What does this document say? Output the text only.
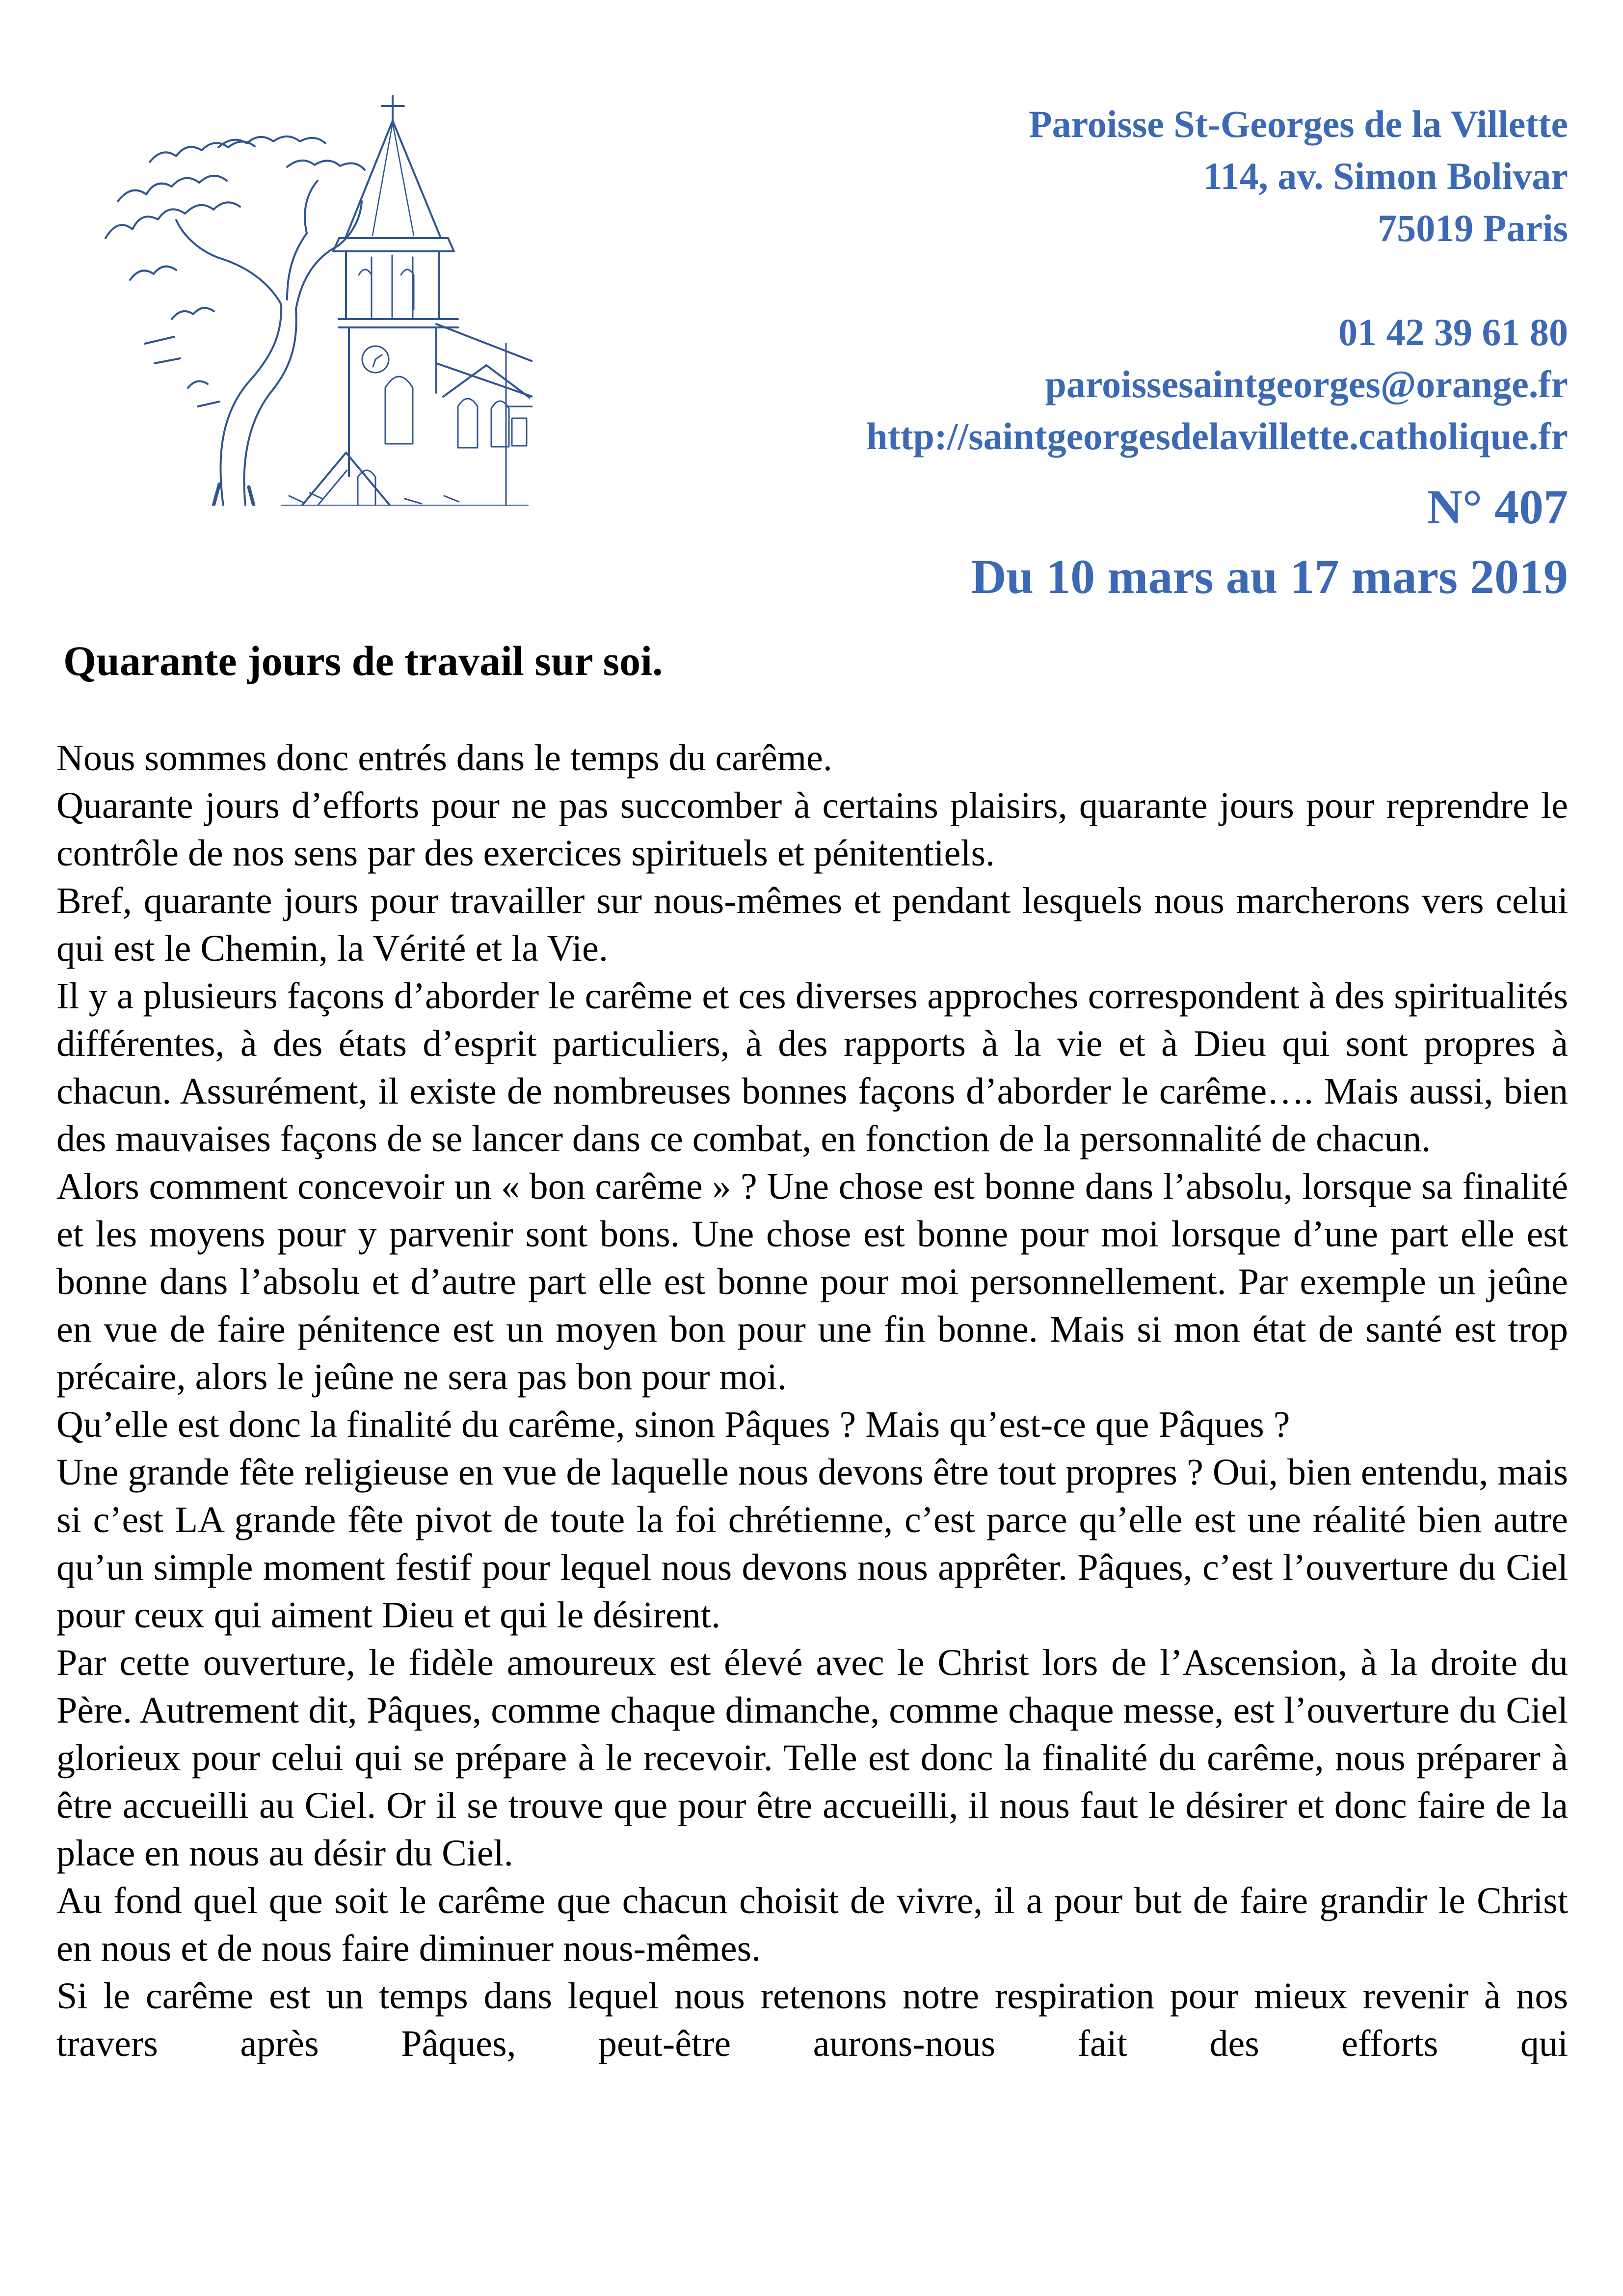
Paroisse St-Georges de la Villette
114, av. Simon Bolivar
75019 Paris
01 42 39 61 80
paroissesaintgeorges@orange.fr
http://saintgeorgesdelavillette.catholique.fr
N° 407
Du 10 mars au 17 mars 2019
Quarante jours de travail sur soi.

Nous sommes donc entrés dans le temps du carême.

Quarante jours d’efforts pour ne pas succomber à certains plaisirs, quarante jours pour reprendre le contrôle de nos sens par des exercices spirituels et pénitentiels.

Bref, quarante jours pour travailler sur nous-mêmes et pendant lesquels nous marcherons vers celui qui est le Chemin, la Vérité et la Vie.

Il y a plusieurs façons d’aborder le carême et ces diverses approches correspondent à des spiritualités différentes, à des états d’esprit particuliers, à des rapports à la vie et à Dieu qui sont propres à chacun. Assurément, il existe de nombreuses bonnes façons d’aborder le carême…. Mais aussi, bien des mauvaises façons de se lancer dans ce combat, en fonction de la personnalité de chacun.

Alors comment concevoir un « bon carême » ? Une chose est bonne dans l’absolu, lorsque sa finalité et les moyens pour y parvenir sont bons. Une chose est bonne pour moi lorsque d’une part elle est bonne dans l’absolu et d’autre part elle est bonne pour moi personnellement. Par exemple un jeûne en vue de faire pénitence est un moyen bon pour une fin bonne. Mais si mon état de santé est trop précaire, alors le jeûne ne sera pas bon pour moi.

Qu’elle est donc la finalité du carême, sinon Pâques ? Mais qu’est-ce que Pâques ?

Une grande fête religieuse en vue de laquelle nous devons être tout propres ? Oui, bien entendu, mais si c’est LA grande fête pivot de toute la foi chrétienne, c’est parce qu’elle est une réalité bien autre qu’un simple moment festif pour lequel nous devons nous apprêter. Pâques, c’est l’ouverture du Ciel pour ceux qui aiment Dieu et qui le désirent.

Par cette ouverture, le fidèle amoureux est élevé avec le Christ lors de l’Ascension, à la droite du Père. Autrement dit, Pâques, comme chaque dimanche, comme chaque messe, est l’ouverture du Ciel glorieux pour celui qui se prépare à le recevoir. Telle est donc la finalité du carême, nous préparer à être accueilli au Ciel. Or il se trouve que pour être accueilli, il nous faut le désirer et donc faire de la place en nous au désir du Ciel.

Au fond quel que soit le carême que chacun choisit de vivre, il a pour but de faire grandir le Christ en nous et de nous faire diminuer nous-mêmes.

Si le carême est un temps dans lequel nous retenons notre respiration pour mieux revenir à nos travers après Pâques, peut-être aurons-nous fait des efforts qui
